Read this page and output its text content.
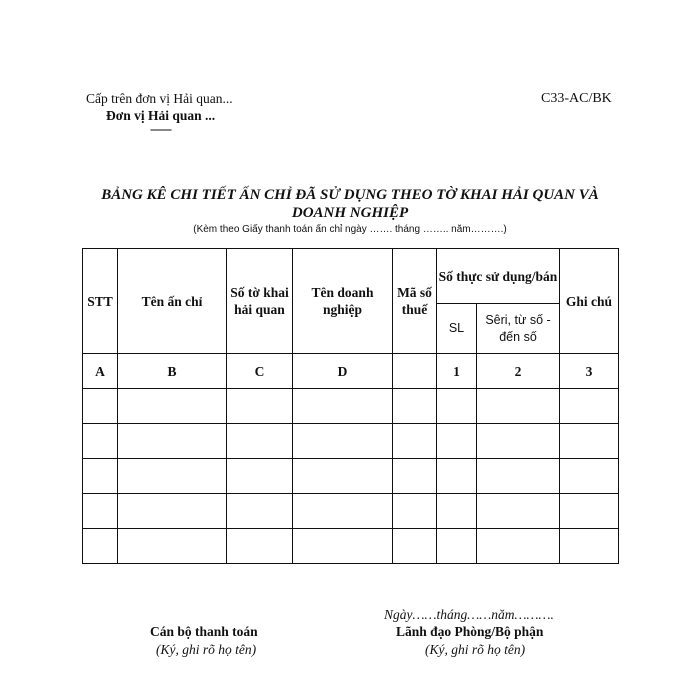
Cấp trên đơn vị Hải quan...
Đơn vị Hải quan ...
-------
C33-AC/BK
BẢNG KÊ CHI TIẾT ẤN CHỈ ĐÃ SỬ DỤNG THEO TỜ KHAI HẢI QUAN VÀ DOANH NGHIỆP
(Kèm theo Giấy thanh toán ấn chỉ ngày ……. tháng …….. năm……….)
STT	Tên ấn chỉ	Số tờ khai hải quan	Tên doanh nghiệp	Mã số thuế	Số thực sử dụng/bán		Ghi chú
					SL	Sêri, từ số - đến số	
A	B	C	D		1	2	3

Ngày……tháng……năm……….
Cán bộ thanh toán
(Ký, ghi rõ họ tên)
Lãnh đạo Phòng/Bộ phận
(Ký, ghi rõ họ tên)
